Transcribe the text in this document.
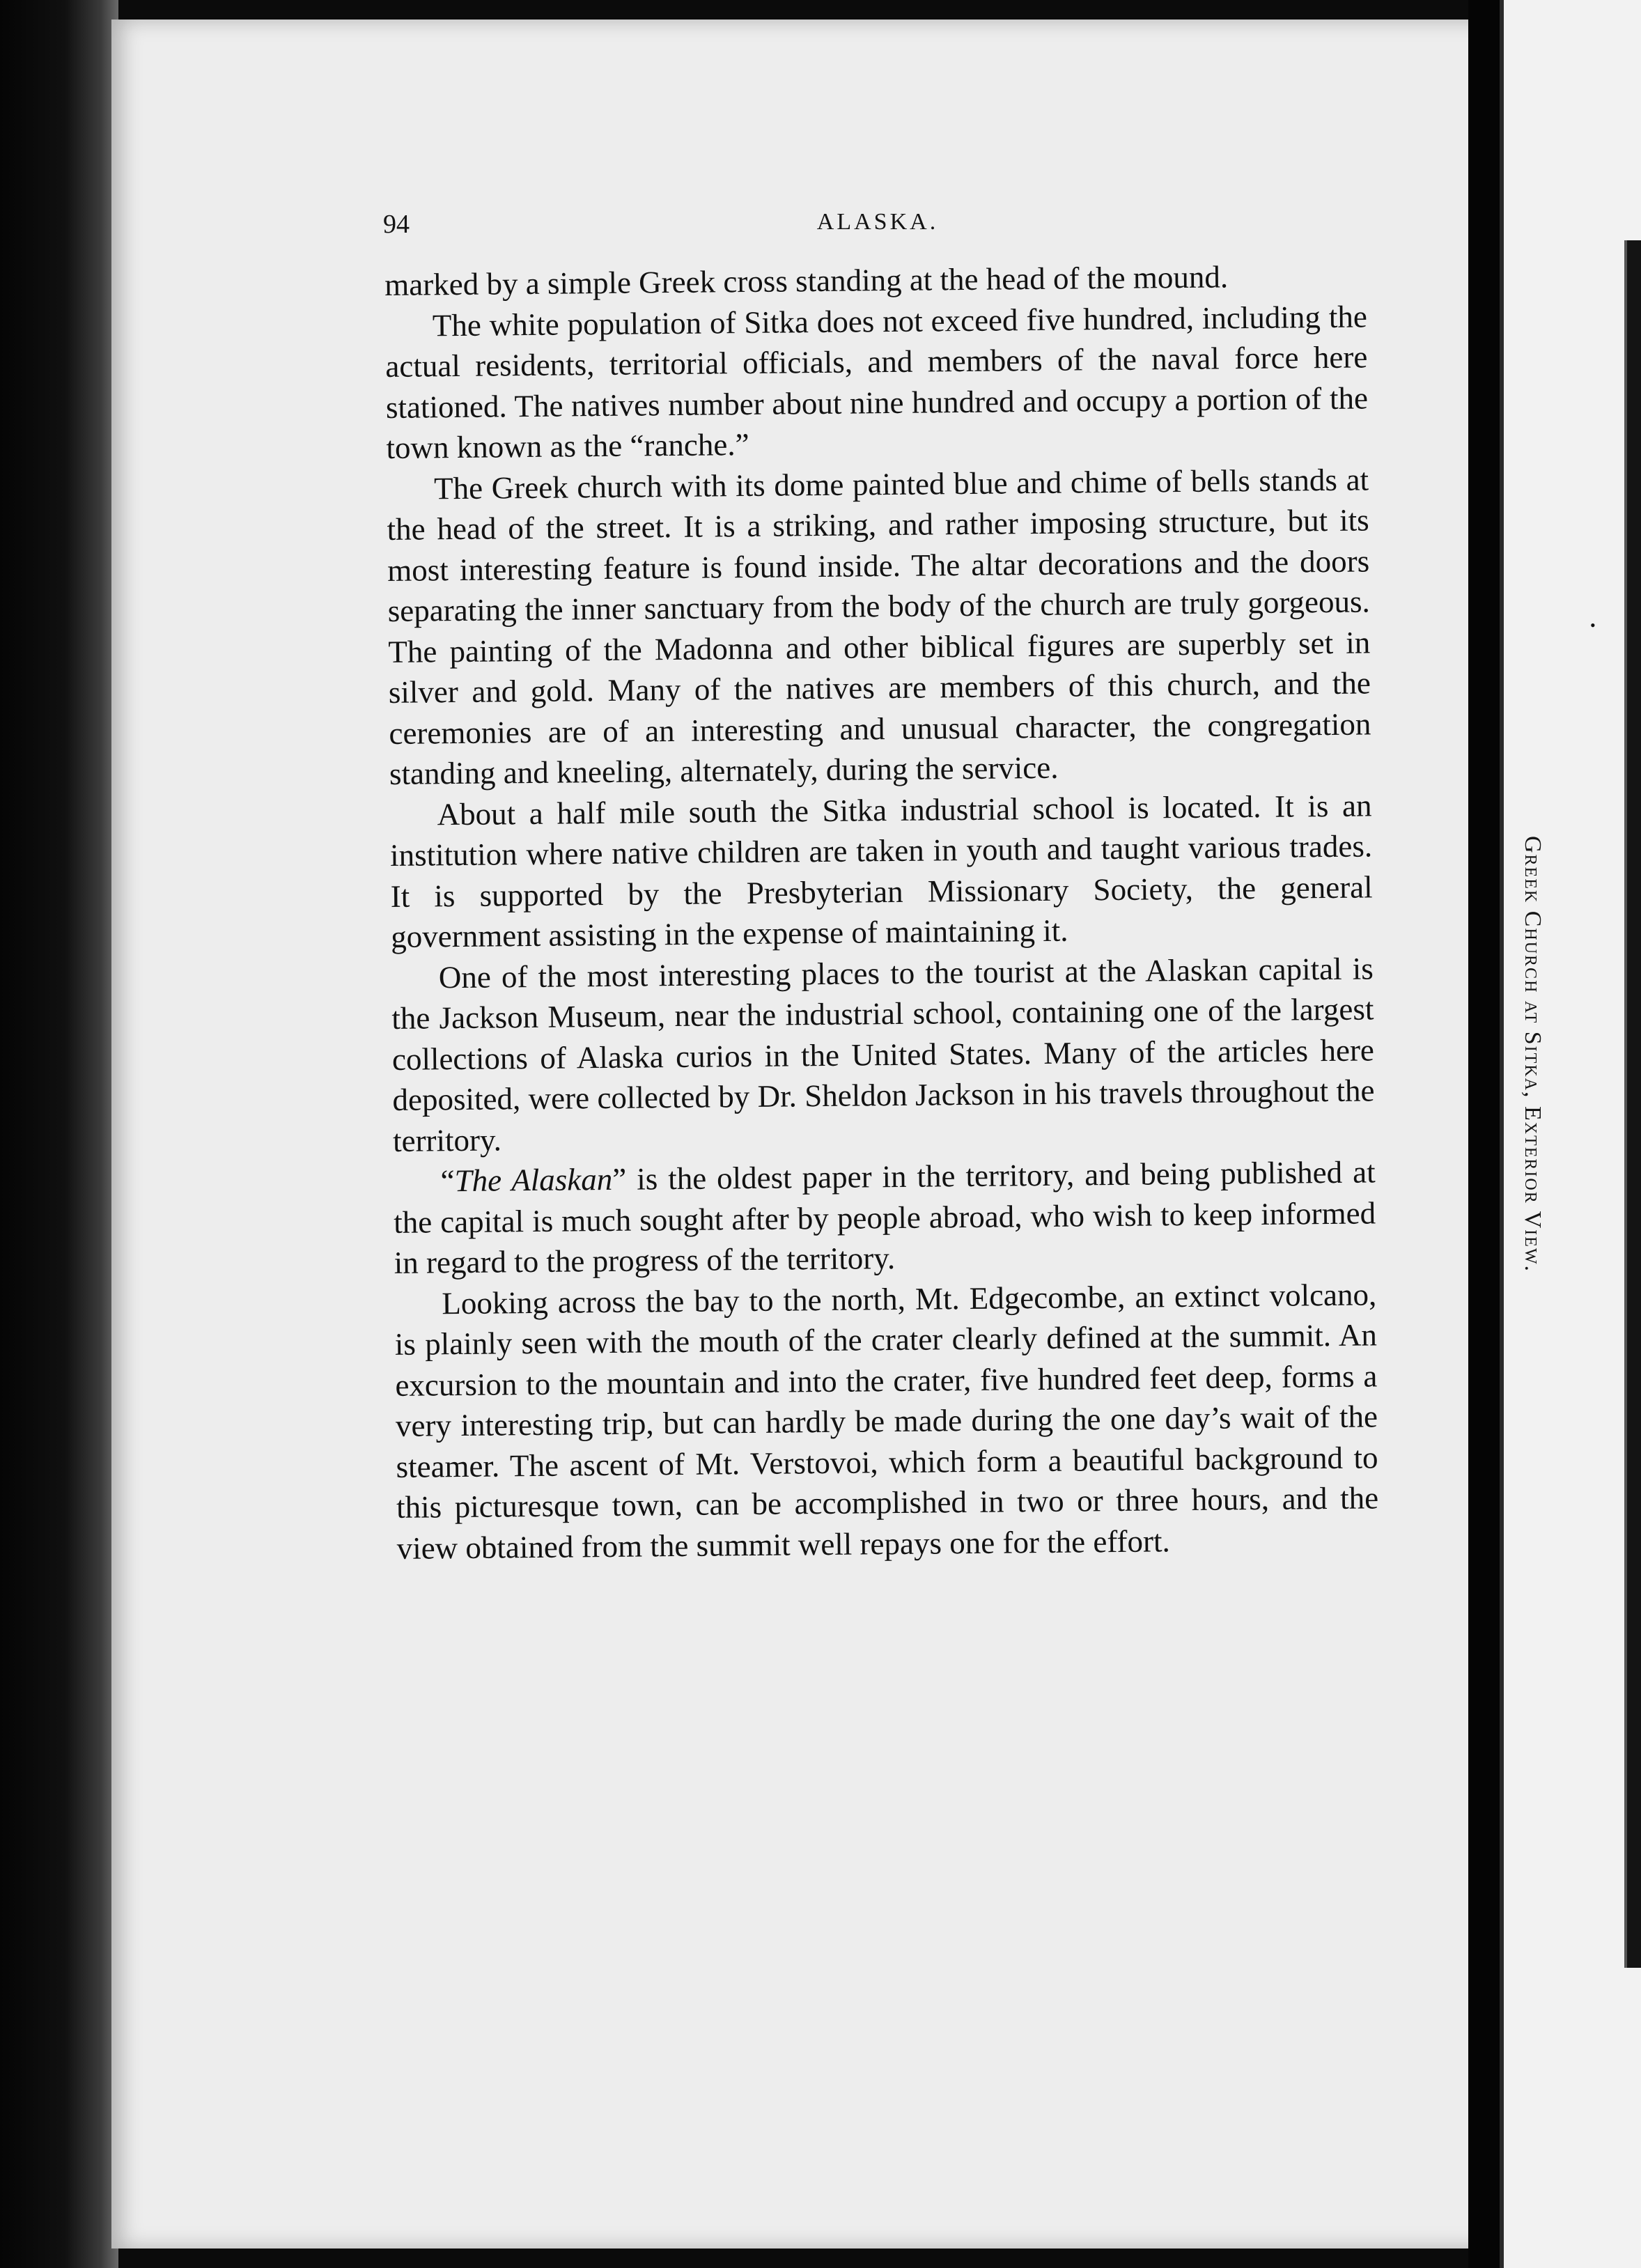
94	ALASKA.

marked by a simple Greek cross standing at the head of the mound.

The white population of Sitka does not exceed five hundred, including the actual residents, territorial officials, and members of the naval force here stationed. The natives number about nine hundred and occupy a portion of the town known as the “ranche.”

The Greek church with its dome painted blue and chime of bells stands at the head of the street. It is a striking, and rather imposing structure, but its most interesting feature is found inside. The altar decorations and the doors separating the inner sanctuary from the body of the church are truly gorgeous. The painting of the Madonna and other biblical figures are superbly set in silver and gold. Many of the natives are members of this church, and the ceremonies are of an interesting and unusual character, the congregation standing and kneeling, alternately, during the service.

About a half mile south the Sitka industrial school is located. It is an institution where native children are taken in youth and taught various trades. It is supported by the Presbyterian Missionary Society, the general government assisting in the expense of maintaining it.

One of the most interesting places to the tourist at the Alaskan capital is the Jackson Museum, near the industrial school, containing one of the largest collections of Alaska curios in the United States. Many of the articles here deposited, were collected by Dr. Sheldon Jackson in his travels throughout the territory.

“The Alaskan” is the oldest paper in the territory, and being published at the capital is much sought after by people abroad, who wish to keep informed in regard to the progress of the territory.

Looking across the bay to the north, Mt. Edgecombe, an extinct volcano, is plainly seen with the mouth of the crater clearly defined at the summit. An excursion to the mountain and into the crater, five hundred feet deep, forms a very interesting trip, but can hardly be made during the one day’s wait of the steamer. The ascent of Mt. Verstovoi, which form a beautiful background to this picturesque town, can be accomplished in two or three hours, and the view obtained from the summit well repays one for the effort.

Greek Church at Sitka, Exterior View.
•
